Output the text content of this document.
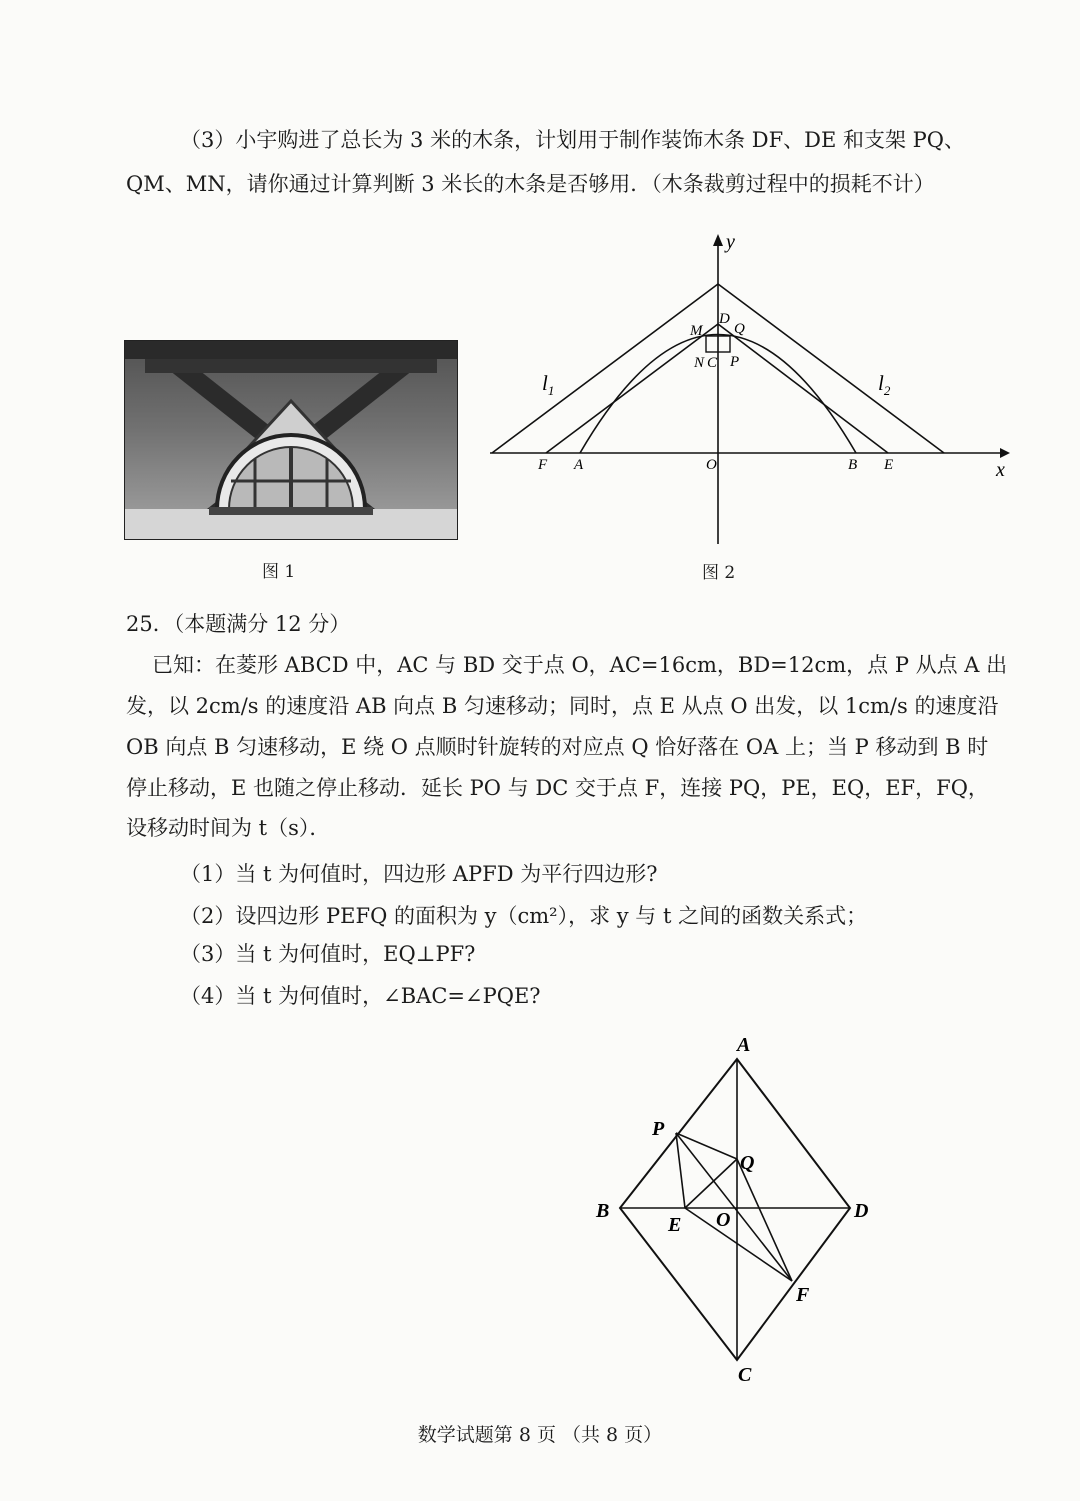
（3）小宇购进了总长为 3 米的木条，计划用于制作装饰木条 DF、DE 和支架 PQ、
QM、MN，请你通过计算判断 3 米长的木条是否够用．（木条裁剪过程中的损耗不计）
图 1
y
x
D
M Q
N C P
$l_1$	$l_2$
F A	O	B E
图 2
25．（本题满分 12 分）
已知：在菱形 ABCD 中，AC 与 BD 交于点 O，AC=16cm，BD=12cm，点 P 从点 A 出
发，以 2cm/s 的速度沿 AB 向点 B 匀速移动；同时，点 E 从点 O 出发，以 1cm/s 的速度沿
OB 向点 B 匀速移动，E 绕 O 点顺时针旋转的对应点 Q 恰好落在 OA 上；当 P 移动到 B 时
停止移动，E 也随之停止移动．延长 PO 与 DC 交于点 F，连接 PQ，PE，EQ，EF，FQ，
设移动时间为 t（s）．
（1）当 t 为何值时，四边形 APFD 为平行四边形?
（2）设四边形 PEFQ 的面积为 y（cm²），求 y 与 t 之间的函数关系式；
（3）当 t 为何值时，EQ⊥PF?
（4）当 t 为何值时，∠BAC=∠PQE?
A
P
Q
B
E O	D
F
C
数学试题第 8 页 （共 8 页）
